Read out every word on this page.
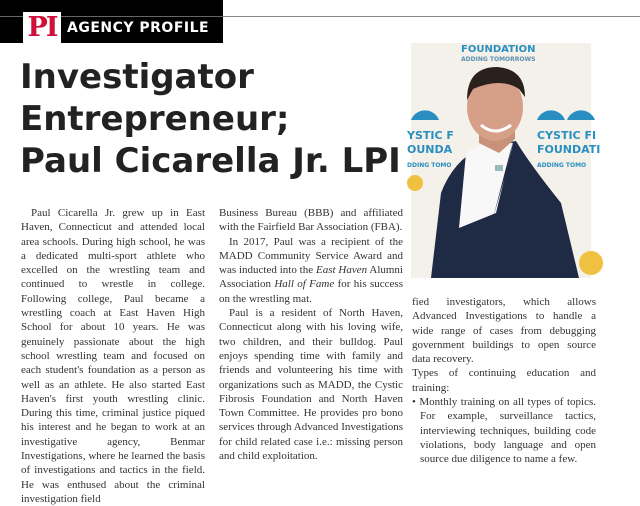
PI AGENCY PROFILE
Investigator
Entrepreneur;
Paul Cicarella Jr. LPI
FOUNDATION
ADDING TOMORROWS
YSTIC F
OUNDA
DDING TOMO
CYSTIC FI
FOUNDATI
ADDING TOMO

Paul Cicarella Jr. grew up in East Haven, Connecticut and attended local area schools. During high school, he was a dedicated multi-sport athlete who excelled on the wrestling team and continued to wrestle in college. Following college, Paul became a wrestling coach at East Haven High School for about 10 years. He was genuinely passionate about the high school wrestling team and focused on each student's foundation as a person as well as an athlete. He also started East Haven's first youth wrestling clinic. During this time, criminal justice piqued his interest and he began to work at an investigative agency, Benmar Investigations, where he learned the basis of investigations and tactics in the field. He was enthused about the criminal investigation field

Business Bureau (BBB) and affiliated with the Fairfield Bar Association (FBA).

In 2017, Paul was a recipient of the MADD Community Service Award and was inducted into the East Haven Alumni Association Hall of Fame for his success on the wrestling mat.

Paul is a resident of North Haven, Connecticut along with his loving wife, two children, and their bulldog. Paul enjoys spending time with family and friends and volunteering his time with organizations such as MADD, the Cystic Fibrosis Foundation and North Haven Town Committee. He provides pro bono services through Advanced Investigations for child related case i.e.: missing person and child exploitation.

fied investigators, which allows Advanced Investigations to handle a wide range of cases from debugging government buildings to open source data recovery.

Types of continuing education and training:

• Monthly training on all types of topics. For example, surveillance tactics, interviewing techniques, building code violations, body language and open source due diligence to name a few.
